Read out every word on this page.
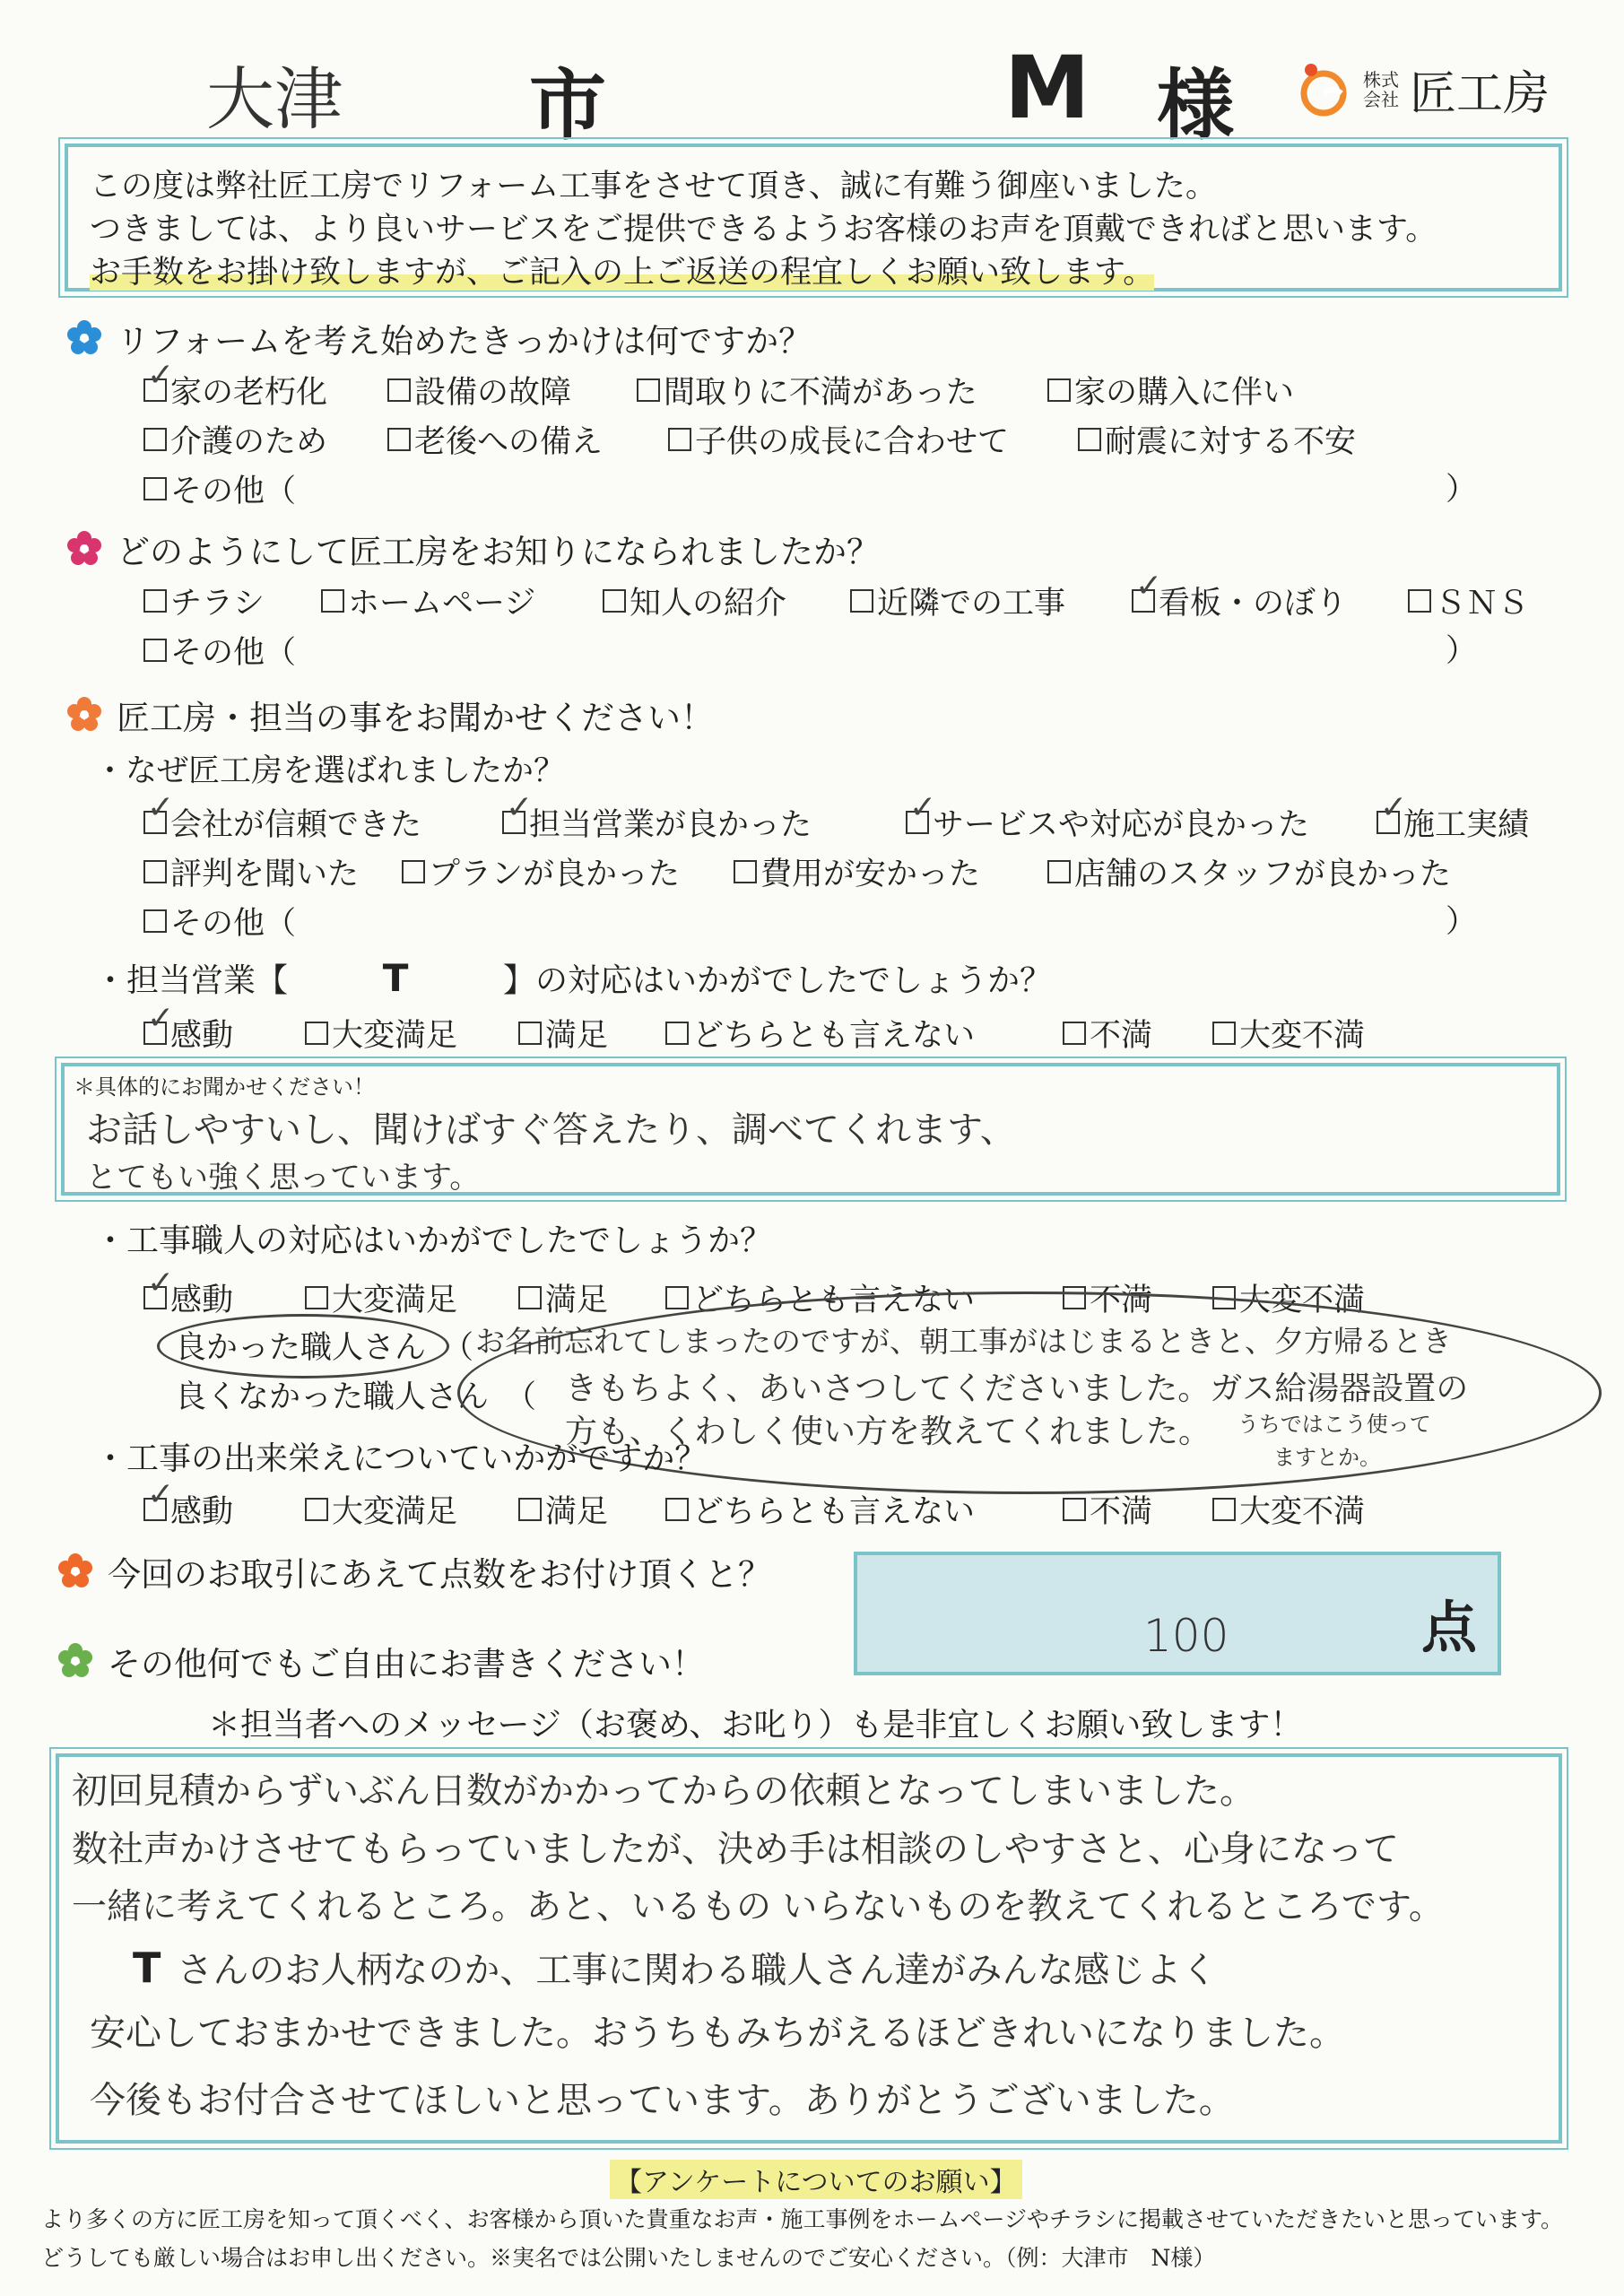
大津 市	M 様	株式会社 匠工房
この度は弊社匠工房でリフォーム工事をさせて頂き、誠に有難う御座いました。
つきましては、より良いサービスをご提供できるようお客様のお声を頂戴できればと思います。
お手数をお掛け致しますが、ご記入の上ご返送の程宜しくお願い致します。
リフォームを考え始めたきっかけは何ですか？
✓
家の老朽化	設備の故障	間取りに不満があった	家の購入に伴い
介護のため	老後への備え	子供の成長に合わせて	耐震に対する不安
その他（	）
どのようにして匠工房をお知りになられましたか？
チラシ	ホームページ	知人の紹介	近隣での工事 ✓	看板・のぼり	ＳＮＳ
その他（	）
匠工房・担当の事をお聞かせください！
・なぜ匠工房を選ばれましたか？
✓
会社が信頼できた ✓	担当営業が良かった ✓	サービスや対応が良かった ✓	施工実績
評判を聞いた プランが良かった	費用が安かった	店舗のスタッフが良かった
その他（	）
・担当営業【	T	】の対応はいかがでしたでしょうか？
✓
感動	大変満足	満足	どちらとも言えない	不満	大変不満
＊具体的にお聞かせください！
お話しやすいし、聞けばすぐ答えたり、調べてくれます、
とてもい強く思っています。
・工事職人の対応はいかがでしたでしょうか？
✓
感動	大変満足	満足	どちらとも言えない	不満	大変不満
良かった職人さん （
良くなかった職人さん （
お名前忘れてしまったのですが、朝工事がはじまるときと、夕方帰るとき
きもちよく、あいさつしてくださいました。ガス給湯器設置の
方も、くわしく使い方を教えてくれました。 うちではこう使って
ますとか。
・工事の出来栄えについていかがですか？
✓
感動	大変満足	満足	どちらとも言えない	不満	大変不満
今回のお取引にあえて点数をお付け頂くと？
100	点
その他何でもご自由にお書きください！
＊担当者へのメッセージ（お褒め、お叱り）も是非宜しくお願い致します！
初回見積からずいぶん日数がかかってからの依頼となってしまいました。
数社声かけさせてもらっていましたが、決め手は相談のしやすさと、心身になって
一緒に考えてくれるところ。あと、いるもの いらないものを教えてくれるところです。
T さんのお人柄なのか、工事に関わる職人さん達がみんな感じよく
安心しておまかせできました。おうちもみちがえるほどきれいになりました。
今後もお付合させてほしいと思っています。ありがとうございました。
【アンケートについてのお願い】
より多くの方に匠工房を知って頂くべく、お客様から頂いた貴重なお声・施工事例をホームページやチラシに掲載させていただきたいと思っています。
どうしても厳しい場合はお申し出ください。※実名では公開いたしませんのでご安心ください。（例：大津市　N様）
